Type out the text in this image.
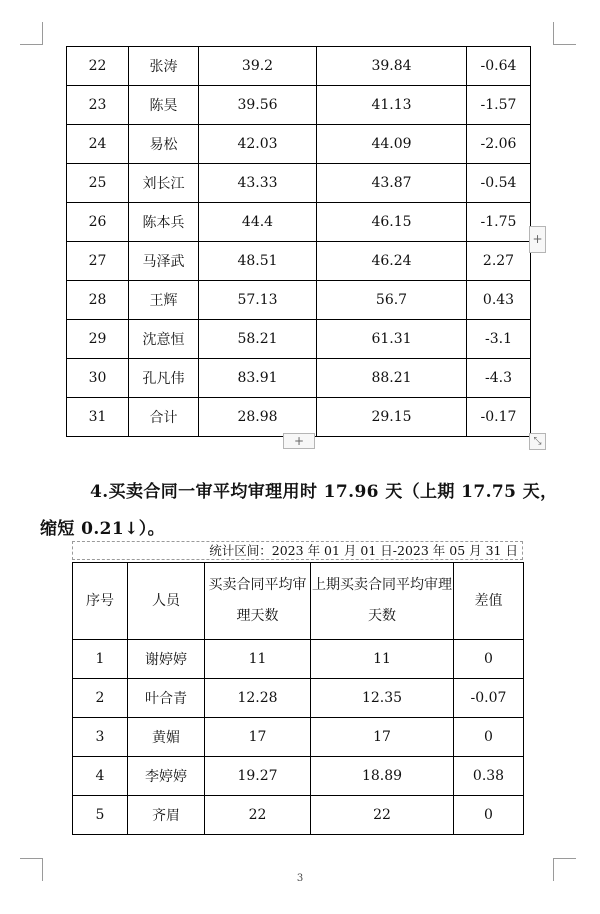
22	张涛	39.2	39.84	-0.64
23	陈昊	39.56	41.13	-1.57
24	易松	42.03	44.09	-2.06
25	刘长江	43.33	43.87	-0.54
26	陈本兵	44.4	46.15	-1.75
27	马泽武	48.51	46.24	2.27
28	王辉	57.13	56.7	0.43
29	沈意恒	58.21	61.31	-3.1
30	孔凡伟	83.91	88.21	-4.3
31	合计	28.98	29.15	-0.17
+
+	⤡

4.买卖合同一审平均审理用时 17.96 天（上期 17.75 天，

缩短 0.21↓）。

统计区间：2023 年 01 月 01 日-2023 年 05 月 31 日
序号	人员	买卖合同平均审理天数	上期买卖合同平均审理天数	差值
1	谢婷婷	11	11	0
2	叶合青	12.28	12.35	-0.07
3	黄媚	17	17	0
4	李婷婷	19.27	18.89	0.38
5	齐眉	22	22	0
3
